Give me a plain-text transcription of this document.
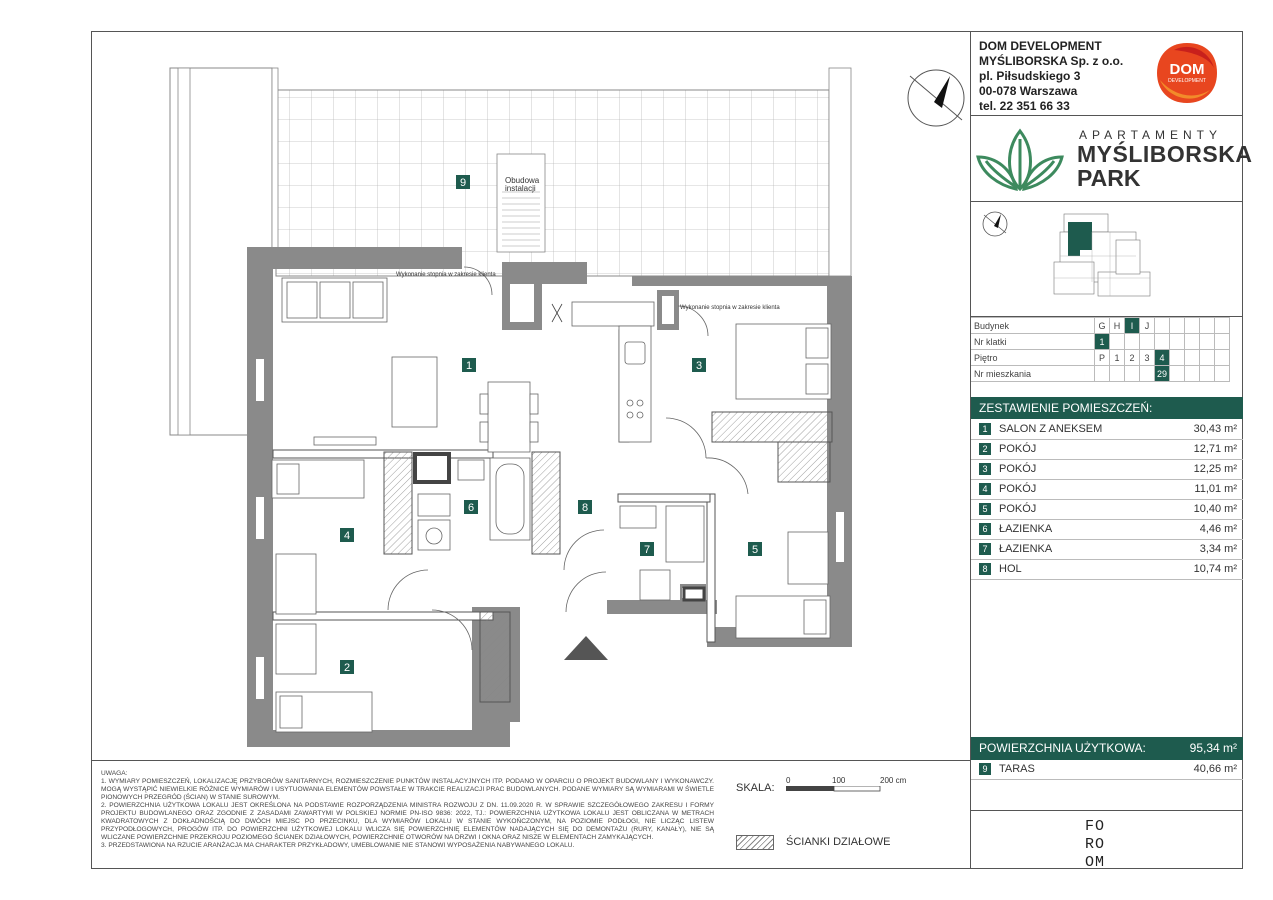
9
1	3
4
6	8
7	5
2
Obudowa instalacji
Wykonanie stopnia w zakresie klienta
Wykonanie stopnia w zakresie klienta
DOM DEVELOPMENT
MYŚLIBORSKA Sp. z o.o.
pl. Piłsudskiego 3
00-078 Warszawa
tel. 22 351 66 33
DOM
DEVELOPMENT
APARTAMENTY
MYŚLIBORSKA
PARK
Budynek	G	H	I	J					
Nr klatki	1								
Piętro	P	1	2	3	4				
Nr mieszkania					29				
ZESTAWIENIE POMIESZCZEŃ:
1	SALON Z ANEKSEM	30,43 m²
2	POKÓJ	12,71 m²
3	POKÓJ	12,25 m²
4	POKÓJ	11,01 m²
5	POKÓJ	10,40 m²
6	ŁAZIENKA	4,46 m²
7	ŁAZIENKA	3,34 m²
8	HOL	10,74 m²
POWIERZCHNIA UŻYTKOWA:	95,34 m²
9	TARAS	40,66 m²
FO
RO
OM
UWAGA:
1. WYMIARY POMIESZCZEŃ, LOKALIZACJĘ PRZYBORÓW SANITARNYCH, ROZMIESZCZENIE PUNKTÓW INSTALACYJNYCH ITP. PODANO W OPARCIU O PROJEKT BUDOWLANY I WYKONAWCZY. MOGĄ WYSTĄPIĆ NIEWIELKIE RÓŻNICE WYMIARÓW I USYTUOWANIA ELEMENTÓW POWSTAŁE W TRAKCIE REALIZACJI PRAC BUDOWLANYCH. PODANE WYMIARY SĄ WYMIARAMI W ŚWIETLE PIONOWYCH PRZEGRÓD (ŚCIAN) W STANIE SUROWYM.
2. POWIERZCHNIA UŻYTKOWA LOKALU JEST OKREŚLONA NA PODSTAWIE ROZPORZĄDZENIA MINISTRA ROZWOJU Z DN. 11.09.2020 R. W SPRAWIE SZCZEGÓŁOWEGO ZAKRESU I FORMY PROJEKTU BUDOWLANEGO ORAZ ZGODNIE Z ZASADAMI ZAWARTYMI W POLSKIEJ NORMIE PN-ISO 9836: 2022, TJ.: POWIERZCHNIA UŻYTKOWA LOKALU JEST OBLICZANA W METRACH KWADRATOWYCH Z DOKŁADNOŚCIĄ DO DWÓCH MIEJSC PO PRZECINKU, DLA WYMIARÓW LOKALU W STANIE WYKOŃCZONYM, NA POZIOMIE PODŁOGI, NIE LICZĄC LISTEW PRZYPODŁOGOWYCH, PROGÓW ITP. DO POWIERZCHNI UŻYTKOWEJ LOKALU WLICZA SIĘ POWIERZCHNIĘ ELEMENTÓW NADAJĄCYCH SIĘ DO DEMONTAŻU (RURY, KANAŁY), NIE SĄ WLICZANE POWIERZCHNIE PRZEKROJU POZIOMEGO ŚCIANEK DZIAŁOWYCH, POWIERZCHNIE OTWORÓW NA DRZWI I OKNA ORAZ NISZE W ELEMENTACH ZAMYKAJĄCYCH.
3. PRZEDSTAWIONA NA RZUCIE ARANŻACJA MA CHARAKTER PRZYKŁADOWY, UMEBLOWANIE NIE STANOWI WYPOSAŻENIA NABYWANEGO LOKALU.
SKALA:
0	100	200 cm
ŚCIANKI DZIAŁOWE
